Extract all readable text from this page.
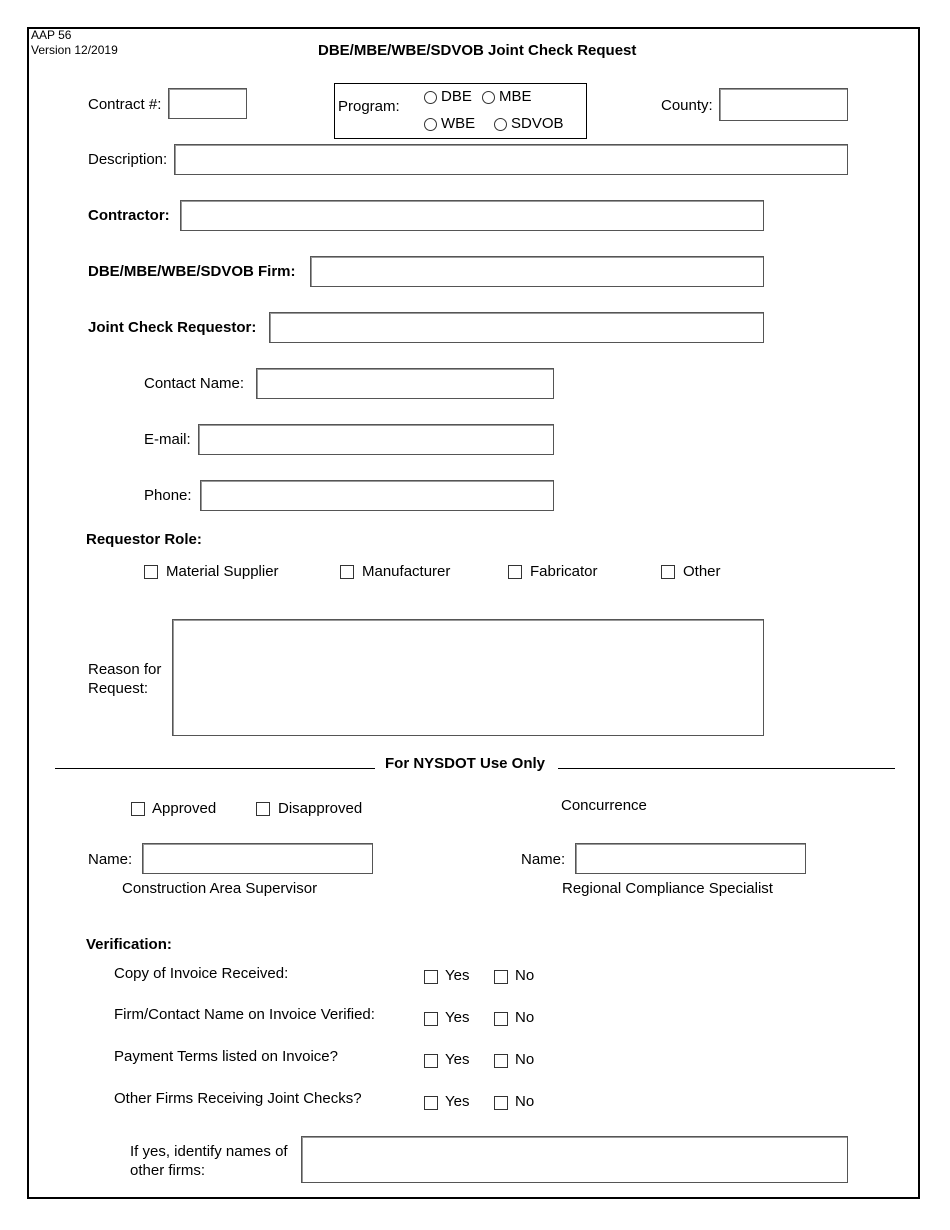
AAP 56
Version 12/2019	DBE/MBE/WBE/SDVOB Joint Check Request
Contract #:	Program:
DBE MBE
WBE SDVOB
County:
Description:
Contractor:
DBE/MBE/WBE/SDVOB Firm:
Joint Check Requestor:
Contact Name:
E-mail:
Phone:
Requestor Role:
Material Supplier	Manufacturer	Fabricator	Other
Reason for
Request:
For NYSDOT Use Only
Approved	Disapproved	Concurrence
Name:
Construction Area Supervisor
Name:
Regional Compliance Specialist
Verification:
Copy of Invoice Received:	Yes	No
Firm/Contact Name on Invoice Verified:	Yes	No
Payment Terms listed on Invoice?	Yes	No
Other Firms Receiving Joint Checks?	Yes	No
If yes, identify names of
other firms:
